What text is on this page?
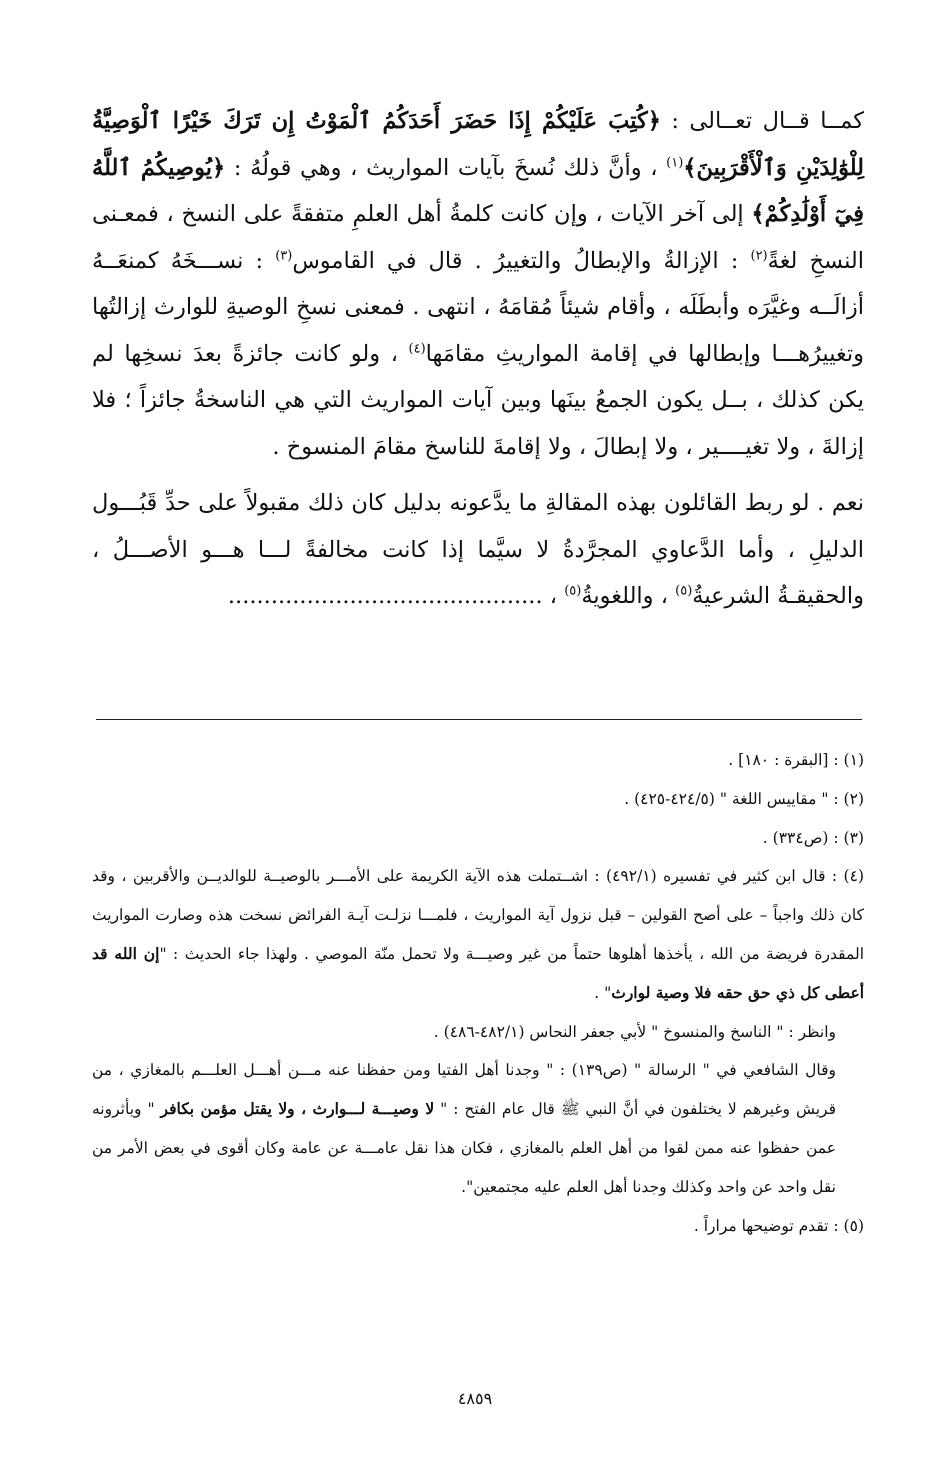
كمــا قــال تعــالى : ﴿كُتِبَ عَلَيْكُمْ إِذَا حَضَرَ أَحَدَكُمُ ٱلْمَوْتُ إِن تَرَكَ خَيْرًا ٱلْوَصِيَّةُ لِلْوَٰلِدَيْنِ وَٱلْأَقْرَبِينَ﴾$^{(١)}$ ، وأنَّ ذلك نُسخَ بآيات المواريث ، وهي قولُهُ : ﴿يُوصِيكُمُ ٱللَّهُ فِيٓ أَوْلَٰدِكُمْ﴾ إلى آخر الآيات ، وإن كانت كلمةُ أهل العلمِ متفقةً على النسخ ، فمعـنى النسخِ لغةً$^{(٢)}$ : الإزالةُ والإبطالُ والتغييرُ . قال في القاموس$^{(٣)}$ : نســـخَهُ كمنعَــهُ أزالَــه وغيَّرَه وأبطَلَه ، وأقام شيئاً مُقامَهُ ، انتهى . فمعنى نسخِ الوصيةِ للوارث إزالتُها وتغييرُهـــا وإبطالها في إقامة المواريثِ مقامَها$^{(٤)}$ ، ولو كانت جائزةً بعدَ نسخِها لم يكن كذلك ، بــل يكون الجمعُ بينَها وبين آيات المواريث التي هي الناسخةُ جائزاً ؛ فلا إزالةَ ، ولا تغيــــير ، ولا إبطالَ ، ولا إقامةَ للناسخ مقامَ المنسوخ .

نعم . لو ربط القائلون بهذه المقالةِ ما يدَّعونه بدليل كان ذلك مقبولاً على حدِّ قَبُـــول الدليلِ ، وأما الدَّعاوي المجرَّدةُ لا سيَّما إذا كانت مخالفةً لـــا هـــو الأصـــلُ ، والحقيقـةُ الشرعيةُ$^{(٥)}$ ، واللغويةُ$^{(٥)}$ ، ............................................

(١) : [البقرة : ١٨٠] .

(٢) : " مقاييس اللغة " (٤٢٤/٥-٤٢٥) .

(٣) : (ص٣٣٤) .

(٤) : قال ابن كثير في تفسيره (٤٩٢/١) : اشــتملت هذه الآية الكريمة على الأمـــر بالوصيــة للوالديــن والأقربين ، وقد كان ذلك واجباً – على أصح القولين – قبل نزول آية المواريث ، فلمـــا نزلـت آيـة الفرائض نسخت هذه وصارت المواريث المقدرة فريضة من الله ، يأخذها أهلوها حتماً من غير وصيـــة ولا تحمل منّة الموصي . ولهذا جاء الحديث : "إن الله قد أعطى كل ذي حق حقه فلا وصية لوارث" .

وانظر : " الناسخ والمنسوخ " لأبي جعفر النحاس (٤٨٢/١-٤٨٦) .

وقال الشافعي في " الرسالة " (ص١٣٩) : " وجدنا أهل الفتيا ومن حفظنا عنه مـــن أهـــل العلـــم بالمغازي ، من قريش وغيرهم لا يختلفون في أنَّ النبي ﷺ قال عام الفتح : " لا وصيـــة لـــوارث ، ولا يقتل مؤمن بكافر " ويأثرونه عمن حفظوا عنه ممن لقوا من أهل العلم بالمغازي ، فكان هذا نقل عامـــة عن عامة وكان أقوى في بعض الأمر من نقل واحد عن واحد وكذلك وجدنا أهل العلم عليه مجتمعين".

(٥) : تقدم توضيحها مراراً .

٤٨٥٩
